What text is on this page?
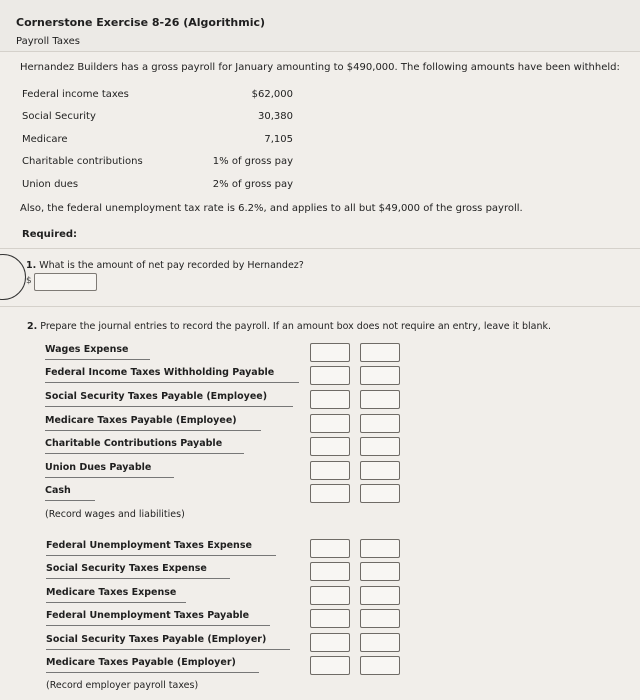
Cornerstone Exercise 8-26 (Algorithmic)
Payroll Taxes
Hernandez Builders has a gross payroll for January amounting to $490,000. The following amounts have been withheld:
Federal income taxes	$62,000
Social Security	30,380
Medicare	7,105
Charitable contributions	1% of gross pay
Union dues	2% of gross pay
Also, the federal unemployment tax rate is 6.2%, and applies to all but $49,000 of the gross payroll.
Required:
1. What is the amount of net pay recorded by Hernandez?
$
2. Prepare the journal entries to record the payroll. If an amount box does not require an entry, leave it blank.
Wages Expense
Federal Income Taxes Withholding Payable
Social Security Taxes Payable (Employee)
Medicare Taxes Payable (Employee)
Charitable Contributions Payable
Union Dues Payable
Cash
(Record wages and liabilities)
Federal Unemployment Taxes Expense
Social Security Taxes Expense
Medicare Taxes Expense
Federal Unemployment Taxes Payable
Social Security Taxes Payable (Employer)
Medicare Taxes Payable (Employer)
(Record employer payroll taxes)
